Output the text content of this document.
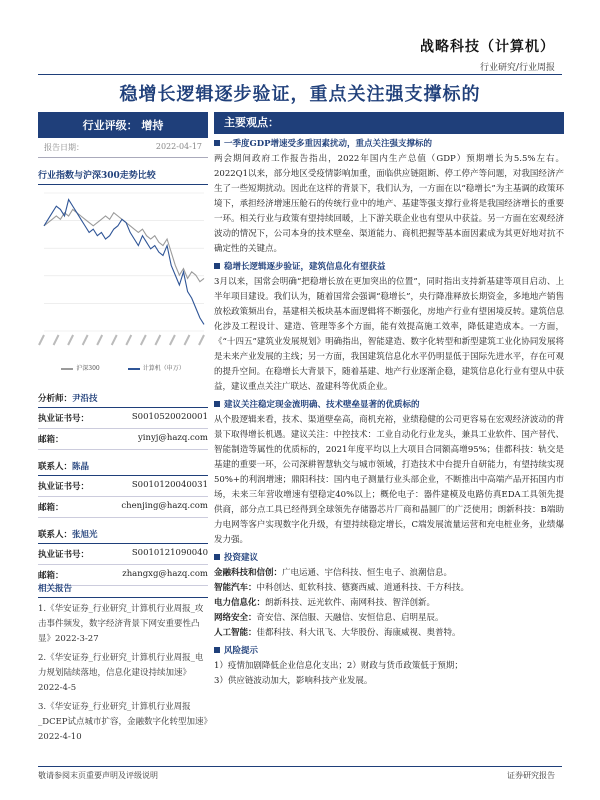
战略科技（计算机）
行业研究/行业周报
稳增长逻辑逐步验证，重点关注强支撑标的
行业评级： 增持
报告日期：	2022-04-17
行业指数与沪深300走势比较
沪深300	计算机（申万）
分析师：尹沿技
执业证书号：	S0010520020001
邮箱：	yinyj@hazq.com
联系人：陈晶
执业证书号：	S0010120040031
邮箱：	chenjing@hazq.com
联系人：张旭光
执业证书号：	S0010121090040
邮箱：	zhangxg@hazq.com
相关报告

1.《华安证券_行业研究_计算机行业周报_攻击事件频发，数字经济背景下网安重要性凸显》2022-3-27

2.《华安证券_行业研究_计算机行业周报_电力规划陆续落地，信息化建设持续加速》2022-4-5

3.《华安证券_行业研究_计算机行业周报_DCEP试点城市扩容，金融数字化转型加速》2022-4-10

主要观点：

一季度GDP增速受多重因素扰动，重点关注强支撑标的

两会期间政府工作报告指出，2022年国内生产总值（GDP）预期增长为5.5%左右。2022Q1以来，部分地区受疫情影响加重，面临供应链阻断、停工停产等问题，对我国经济产生了一些短期扰动。因此在这样的背景下，我们认为，一方面在以“稳增长”为主基调的政策环境下，承担经济增速压舱石的传统行业中的地产、基建等强支撑行业将是我国经济增长的重要一环。相关行业与政策有望持续回暖，上下游关联企业也有望从中获益。另一方面在宏观经济波动的情况下，公司本身的技术壁垒、渠道能力、商机把握等基本面因素成为其更好地对抗不确定性的关键点。

稳增长逻辑逐步验证，建筑信息化有望获益

3月以来，国常会明确“把稳增长放在更加突出的位置”，同时指出支持新基建等项目启动、上半年项目建设。我们认为，随着国常会强调“稳增长”，央行降准释放长期资金，多地地产销售放松政策频出台，基建相关板块基本面逻辑将不断强化，房地产行业有望困境反转。建筑信息化涉及工程设计、建造、管理等多个方面，能有效提高施工效率，降低建造成本。一方面，《“十四五”建筑业发展规划》明确指出，智能建造、数字化转型和新型建筑工业化协同发展将是未来产业发展的主线；另一方面，我国建筑信息化水平仍明显低于国际先进水平，存在可观的提升空间。在稳增长大背景下，随着基建、地产行业逐渐企稳，建筑信息化行业有望从中获益，建议重点关注广联达、盈建科等优质企业。

建议关注稳定现金流明确、技术壁垒显著的优质标的

从个股逻辑来看，技术、渠道壁垒高，商机充裕，业绩稳健的公司更容易在宏观经济波动的背景下取得增长机遇。建议关注：中控技术：工业自动化行业龙头，兼具工业软件、国产替代、智能制造等属性的优质标的，2021年度平均以上大项目合同额高增95%；佳都科技：轨交是基建的重要一环，公司深耕智慧轨交与城市领域，打造技术中台提升自研能力，有望持续实现50%+的利润增速；鼎阳科技：国内电子测量行业头部企业，不断推出中高端产品开拓国内市场，未来三年营收增速有望稳定40%以上；概伦电子：器件建模及电路仿真EDA工具领先提供商，部分点工具已经得到全球领先存储器芯片厂商和晶圆厂的广泛使用；朗新科技：B端助力电网等客户实现数字化升级，有望持续稳定增长，C端发展流量运营和充电桩业务，业绩爆发力强。

投资建议

金融科技和信创：广电运通、宇信科技、恒生电子、浪潮信息。

智能汽车：中科创达、虹软科技、德赛西威、道通科技、千方科技。

电力信息化：朗新科技、远光软件、南网科技、智洋创新。

网络安全：奇安信、深信服、天融信、安恒信息、启明星辰。

人工智能：佳都科技、科大讯飞、大华股份、海康威视、奥普特。

风险提示

1）疫情加剧降低企业信息化支出；2）财政与货币政策低于预期；

3）供应链波动加大，影响科技产业发展。

敬请参阅末页重要声明及评级说明	证券研究报告
